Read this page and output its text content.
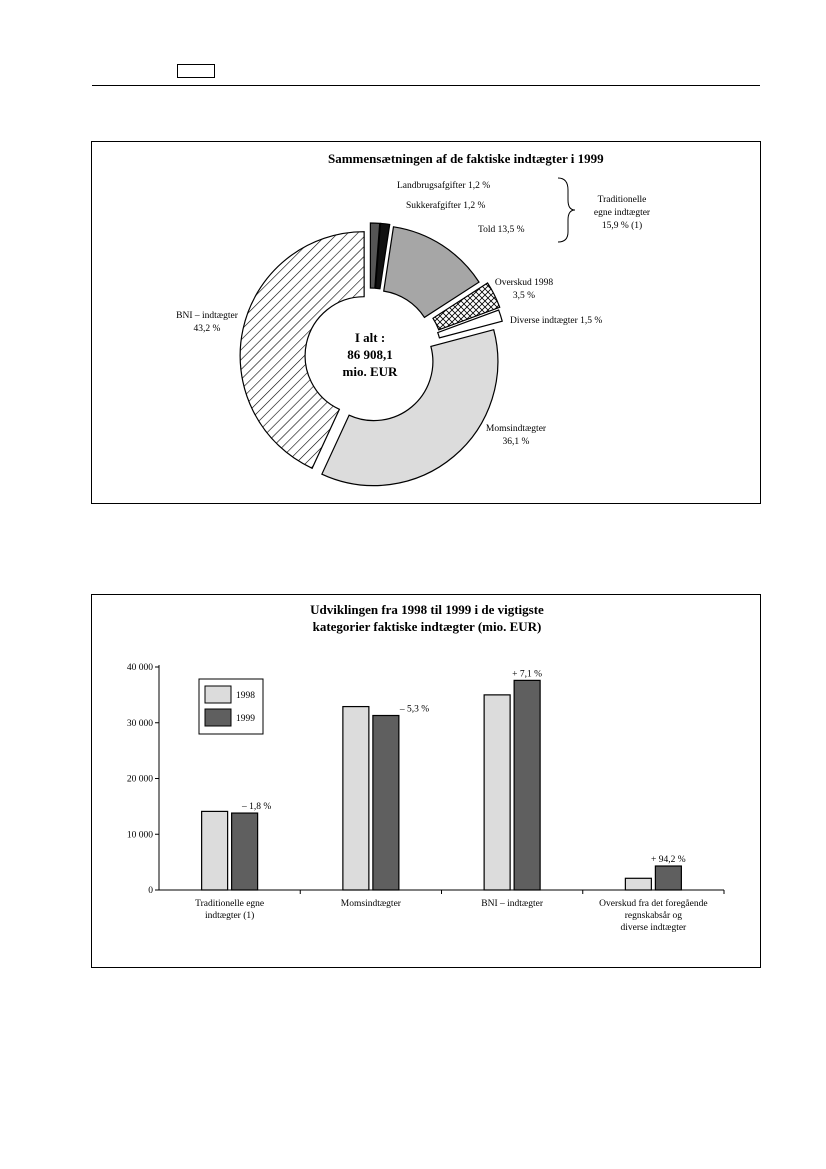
Sammensætningen af de faktiske indtægter i 1999
Landbrugsafgifter 1,2 %
Sukkerafgifter 1,2 %
Told 13,5 %
Overskud 1998
3,5 %
Diverse indtægter 1,5 %
Momsindtægter
36,1 %
BNI – indtægter
43,2 %
I alt :
86 908,1
mio. EUR
Traditionelle
egne indtægter
15,9 % (1)
Udviklingen fra 1998 til 1999 i de vigtigste
kategorier faktiske indtægter (mio. EUR)
0
10 000
20 000
30 000
40 000
– 1,8 %
Traditionelle egne
indtægter (1)
– 5,3 %
Momsindtægter
+ 7,1 %
BNI – indtægter
+ 94,2 %
Overskud fra det foregående
regnskabsår og
diverse indtægter
1998
1999
